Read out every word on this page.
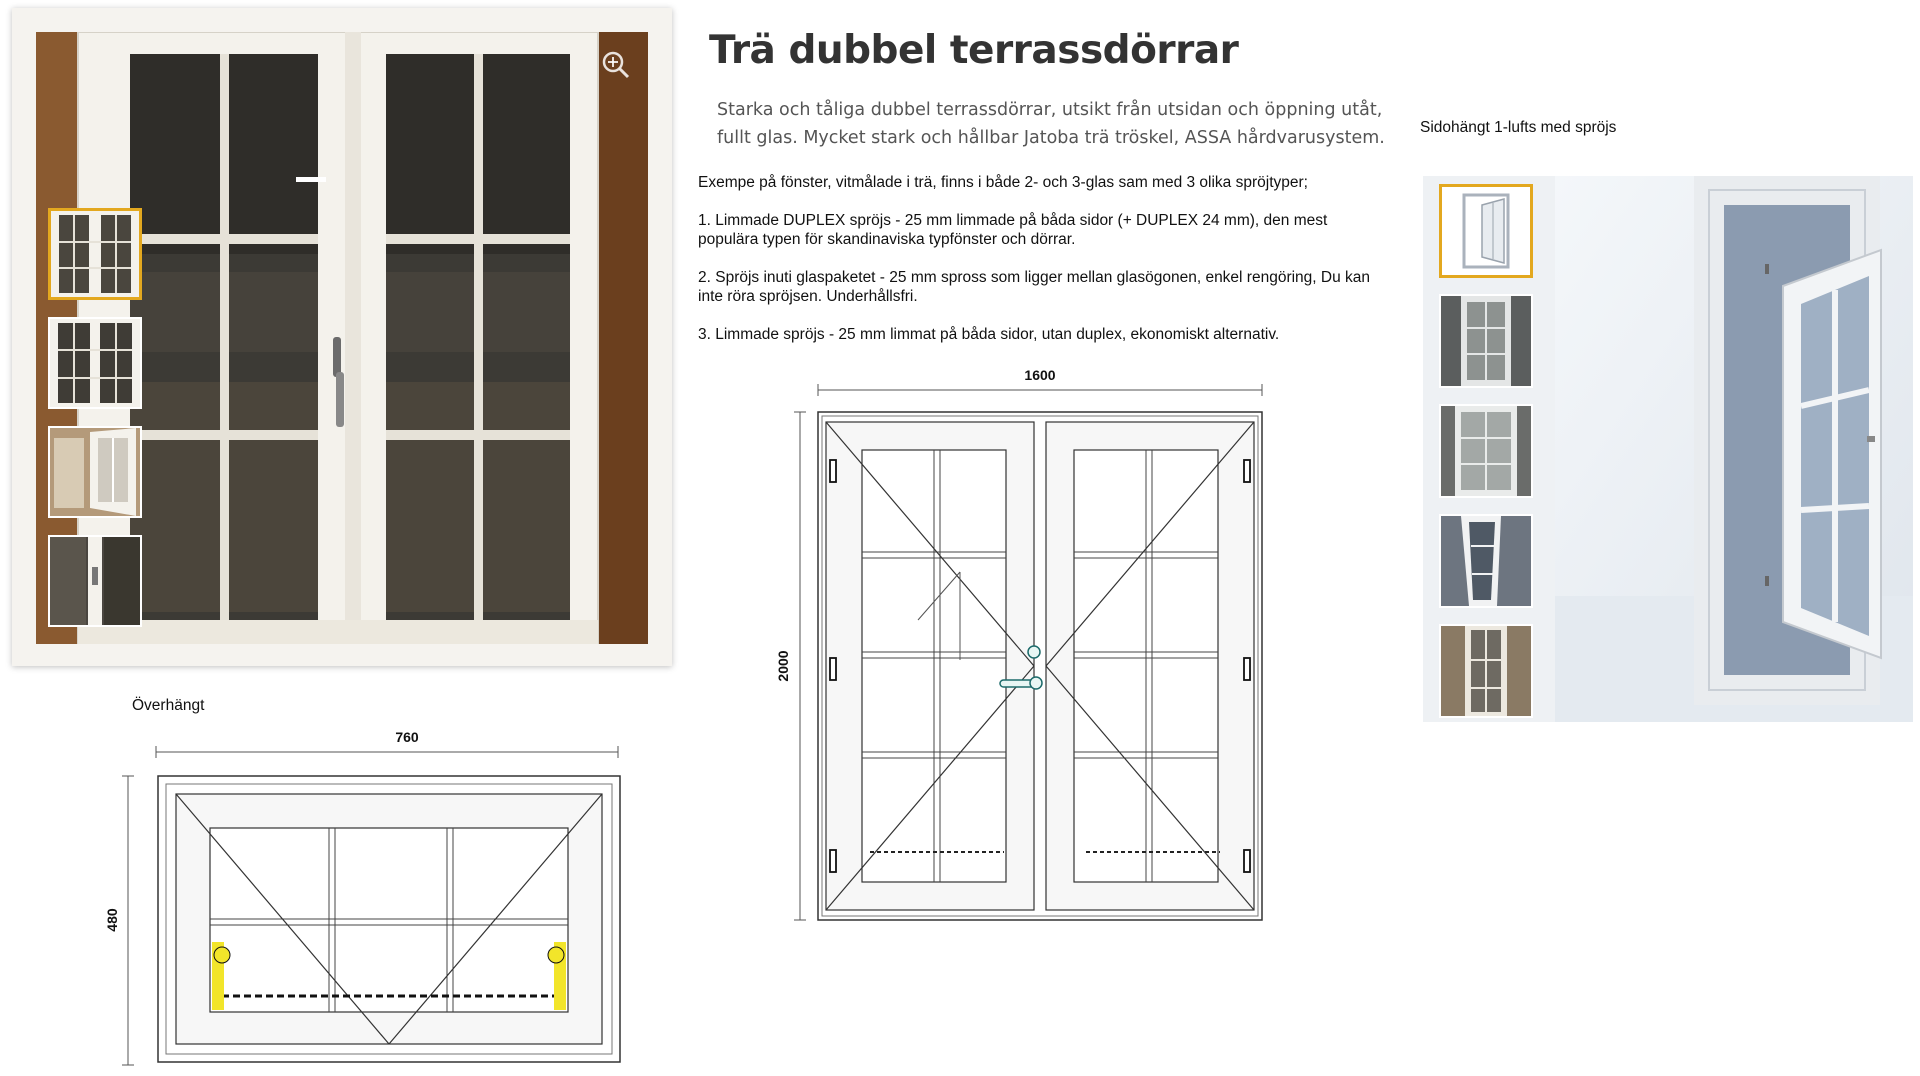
Trä dubbel terrassdörrar
Starka och tåliga dubbel terrassdörrar, utsikt från utsidan och öppning utåt, fullt glas. Mycket stark och hållbar Jatoba trä tröskel, ASSA hårdvarusystem.
Exempe på fönster, vitmålade i trä, finns i både 2- och 3-glas sam med 3 olika spröjtyper;
1. Limmade DUPLEX spröjs - 25 mm limmade på båda sidor (+ DUPLEX 24 mm), den mest populära typen för skandinaviska typfönster och dörrar.
2. Spröjs inuti glaspaketet - 25 mm spross som ligger mellan glasögonen, enkel rengöring, Du kan inte röra spröjsen. Underhållsfri.
3. Limmade spröjs - 25 mm limmat på båda sidor, utan duplex, ekonomiskt alternativ.
1600
2000
Överhängt
760
480
Sidohängt 1-lufts med spröjs
